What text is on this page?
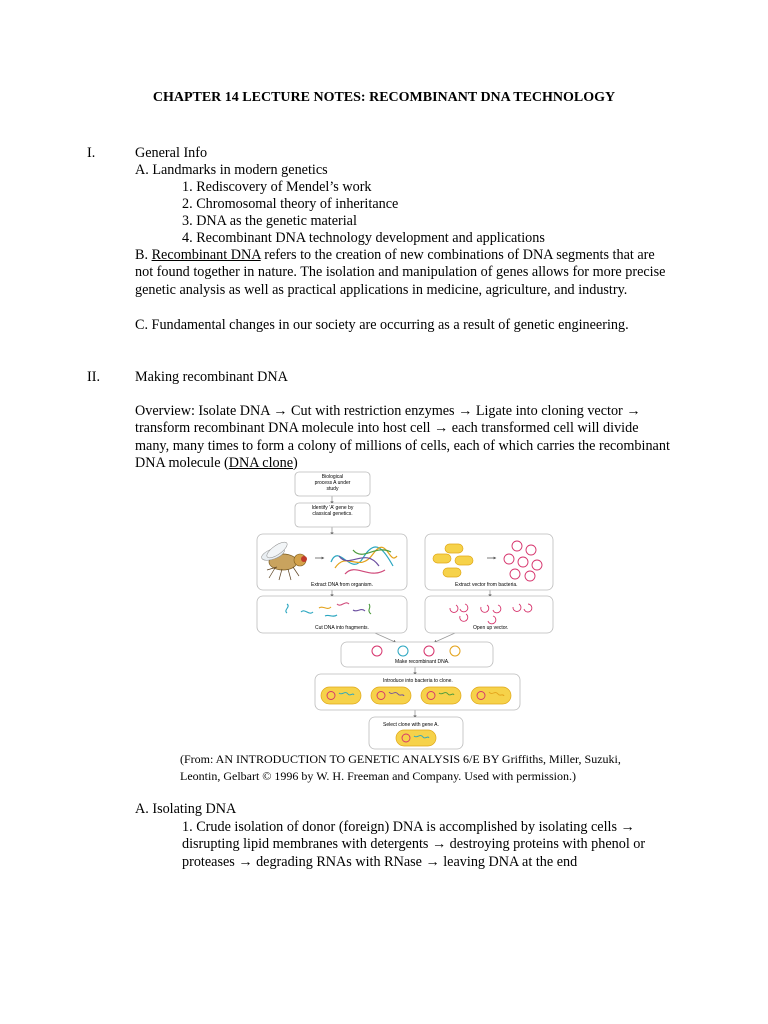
CHAPTER 14 LECTURE NOTES: RECOMBINANT DNA TECHNOLOGY
I.	General Info
A. Landmarks in modern genetics
1. Rediscovery of Mendel’s work
2. Chromosomal theory of inheritance
3. DNA as the genetic material
4. Recombinant DNA technology development and applications
B. Recombinant DNA refers to the creation of new combinations of DNA segments that are not found together in nature. The isolation and manipulation of genes allows for more precise genetic analysis as well as practical applications in medicine, agriculture, and industry.
C. Fundamental changes in our society are occurring as a result of genetic engineering.
II. Making recombinant DNA
Overview: Isolate DNA → Cut with restriction enzymes → Ligate into cloning vector → transform recombinant DNA molecule into host cell → each transformed cell will divide many, many times to form a colony of millions of cells, each of which carries the recombinant DNA molecule (DNA clone)
Biological process A under study
Identify ‘A’ gene by classical genetics.
Extract DNA from organism.	Extract vector from bacteria.
Cut DNA into fragments.	Open up vector.
Make recombinant DNA.
Introduce into bacteria to clone.
Select clone with gene A.
(From: AN INTRODUCTION TO GENETIC ANALYSIS 6/E BY Griffiths, Miller, Suzuki, Leontin, Gelbart © 1996 by W. H. Freeman and Company. Used with permission.)
A. Isolating DNA
1. Crude isolation of donor (foreign) DNA is accomplished by isolating cells → disrupting lipid membranes with detergents → destroying proteins with phenol or proteases → degrading RNAs with RNase → leaving DNA at the end
